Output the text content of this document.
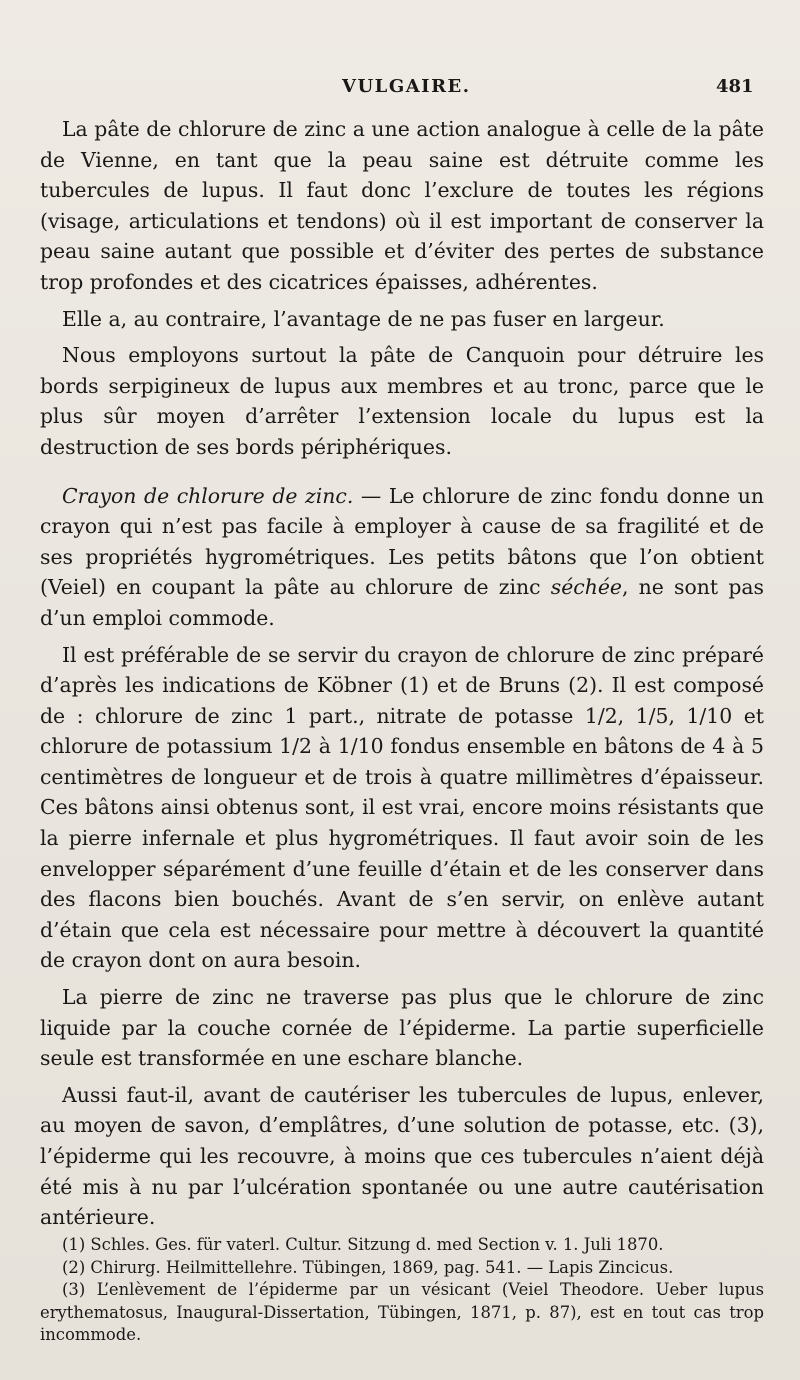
VULGAIRE.	481

La pâte de chlorure de zinc a une action analogue à celle de la pâte de Vienne, en tant que la peau saine est détruite comme les tubercules de lupus. Il faut donc l’exclure de toutes les régions (visage, articulations et tendons) où il est important de conserver la peau saine autant que possible et d’éviter des pertes de substance trop profondes et des cicatrices épaisses, adhérentes.

Elle a, au contraire, l’avantage de ne pas fuser en largeur.

Nous employons surtout la pâte de Canquoin pour détruire les bords serpigineux de lupus aux membres et au tronc, parce que le plus sûr moyen d’arrêter l’extension locale du lupus est la destruction de ses bords périphériques.

Crayon de chlorure de zinc. — Le chlorure de zinc fondu donne un crayon qui n’est pas facile à employer à cause de sa fragilité et de ses propriétés hygrométriques. Les petits bâtons que l’on obtient (Veiel) en coupant la pâte au chlorure de zinc séchée, ne sont pas d’un emploi commode.

Il est préférable de se servir du crayon de chlorure de zinc préparé d’après les indications de Köbner (1) et de Bruns (2). Il est composé de : chlorure de zinc 1 part., nitrate de potasse 1/2, 1/5, 1/10 et chlorure de potassium 1/2 à 1/10 fondus ensemble en bâtons de 4 à 5 centimètres de longueur et de trois à quatre millimètres d’épaisseur. Ces bâtons ainsi obtenus sont, il est vrai, encore moins résistants que la pierre infernale et plus hygrométriques. Il faut avoir soin de les envelopper séparément d’une feuille d’étain et de les conserver dans des flacons bien bouchés. Avant de s’en servir, on enlève autant d’étain que cela est nécessaire pour mettre à découvert la quantité de crayon dont on aura besoin.

La pierre de zinc ne traverse pas plus que le chlorure de zinc liquide par la couche cornée de l’épiderme. La partie superficielle seule est transformée en une eschare blanche.

Aussi faut-il, avant de cautériser les tubercules de lupus, enlever, au moyen de savon, d’emplâtres, d’une solution de potasse, etc. (3), l’épiderme qui les recouvre, à moins que ces tubercules n’aient déjà été mis à nu par l’ulcération spontanée ou une autre cautérisation antérieure.

(1) Schles. Ges. für vaterl. Cultur. Sitzung d. med Section v. 1. Juli 1870.

(2) Chirurg. Heilmittellehre. Tübingen, 1869, pag. 541. — Lapis Zincicus.

(3) L’enlèvement de l’épiderme par un vésicant (Veiel Theodore. Ueber lupus erythematosus, Inaugural-Dissertation, Tübingen, 1871, p. 87), est en tout cas trop incommode.
